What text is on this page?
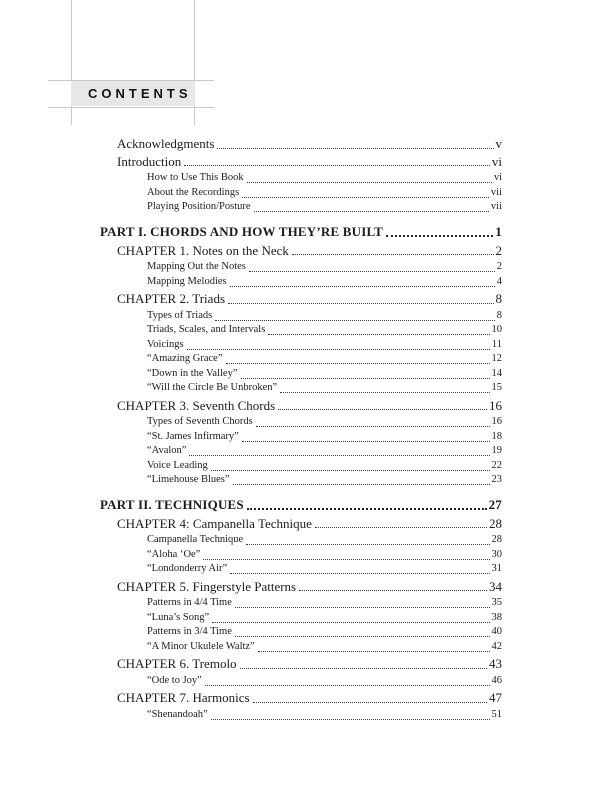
CONTENTS
Acknowledgments	v
Introduction	vi
How to Use This Book	vi
About the Recordings	vii
Playing Position/Posture	vii
PART I. CHORDS AND HOW THEY’RE BUILT	1
CHAPTER 1. Notes on the Neck	2
Mapping Out the Notes	2
Mapping Melodies	4
CHAPTER 2. Triads	8
Types of Triads	8
Triads, Scales, and Intervals	10
Voicings	11
“Amazing Grace”	12
“Down in the Valley”	14
“Will the Circle Be Unbroken”	15
CHAPTER 3. Seventh Chords	16
Types of Seventh Chords	16
“St. James Infirmary”	18
“Avalon”	19
Voice Leading	22
“Limehouse Blues”	23
PART II. TECHNIQUES	27
CHAPTER 4: Campanella Technique	28
Campanella Technique	28
“Aloha ‘Oe”	30
“Londonderry Air”	31
CHAPTER 5. Fingerstyle Patterns	34
Patterns in 4/4 Time	35
“Luna’s Song”	38
Patterns in 3/4 Time	40
“A Minor Ukulele Waltz”	42
CHAPTER 6. Tremolo	43
“Ode to Joy”	46
CHAPTER 7. Harmonics	47
“Shenandoah”	51
